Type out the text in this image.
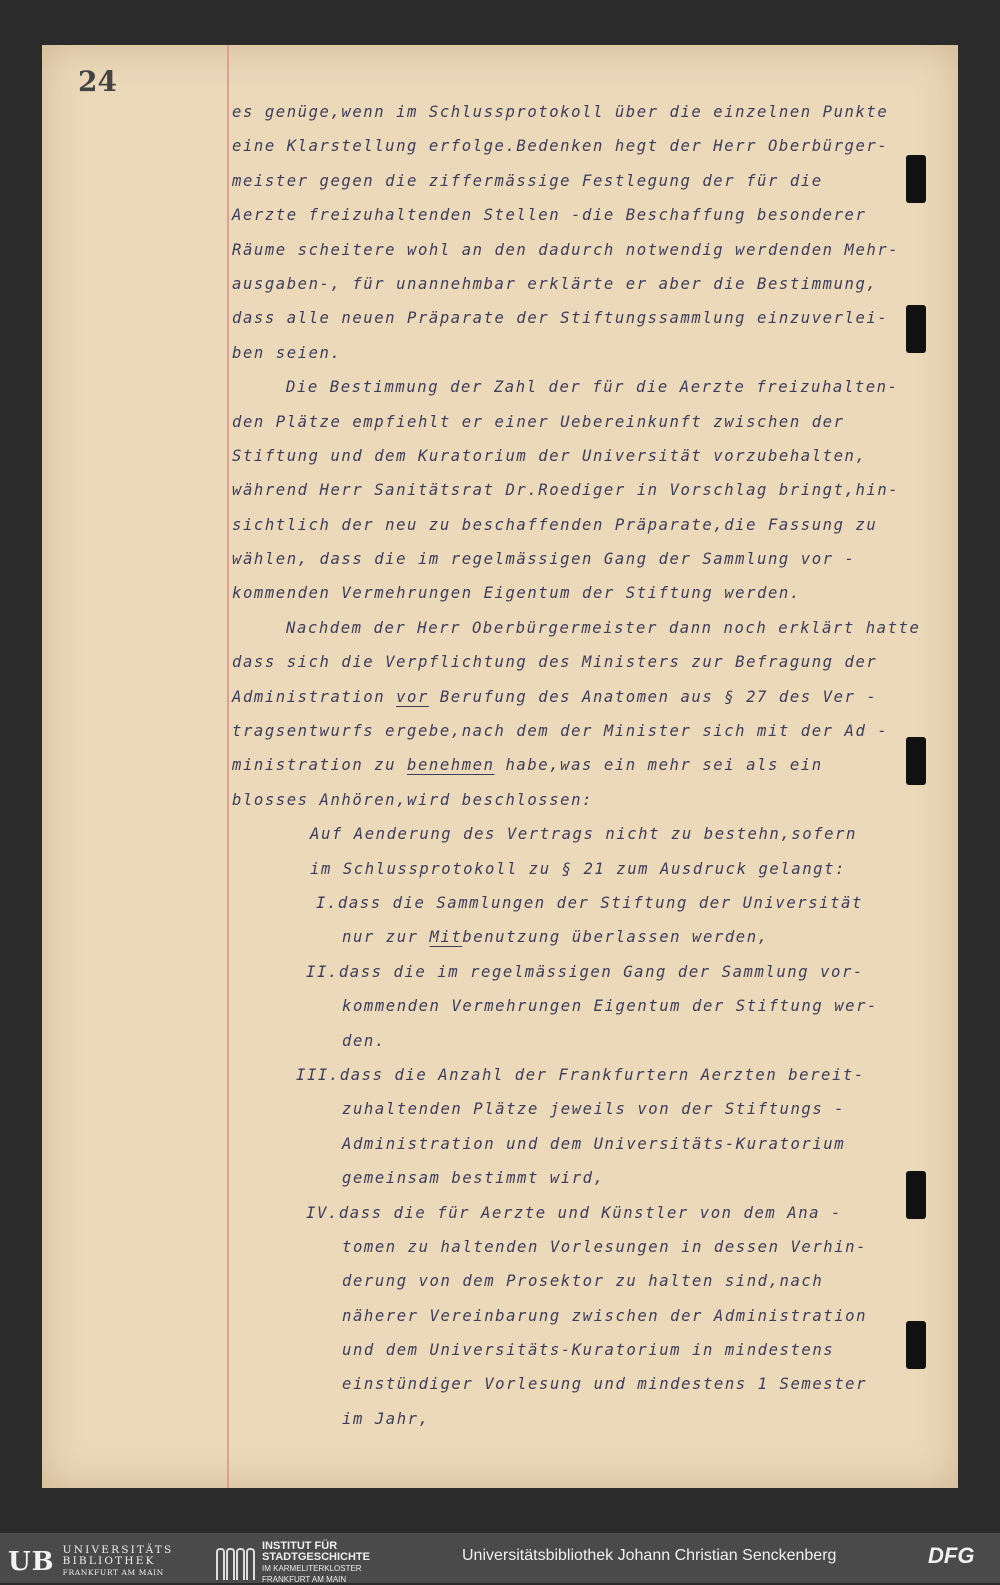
24
es genüge,wenn im Schlussprotokoll über die einzelnen Punkte
eine Klarstellung erfolge.Bedenken hegt der Herr Oberbürger-
meister gegen die ziffermässige Festlegung der für die
Aerzte freizuhaltenden Stellen -die Beschaffung besonderer
Räume scheitere wohl an den dadurch notwendig werdenden Mehr-
ausgaben-, für unannehmbar erklärte er aber die Bestimmung,
dass alle neuen Präparate der Stiftungssammlung einzuverlei-
ben seien.
Die Bestimmung der Zahl der für die Aerzte freizuhalten-
den Plätze empfiehlt er einer Uebereinkunft zwischen der
Stiftung und dem Kuratorium der Universität vorzubehalten,
während Herr Sanitätsrat Dr.Roediger in Vorschlag bringt,hin-
sichtlich der neu zu beschaffenden Präparate,die Fassung zu
wählen, dass die im regelmässigen Gang der Sammlung vor -
kommenden Vermehrungen Eigentum der Stiftung werden.
Nachdem der Herr Oberbürgermeister dann noch erklärt hatte
dass sich die Verpflichtung des Ministers zur Befragung der
Administration vor Berufung des Anatomen aus § 27 des Ver -
tragsentwurfs ergebe,nach dem der Minister sich mit der Ad -
ministration zu benehmen habe,was ein mehr sei als ein
blosses Anhören,wird beschlossen:
Auf Aenderung des Vertrags nicht zu bestehn,sofern
im Schlussprotokoll zu § 21 zum Ausdruck gelangt:
I.dass die Sammlungen der Stiftung der Universität
nur zur Mitbenutzung überlassen werden,
II.dass die im regelmässigen Gang der Sammlung vor-
kommenden Vermehrungen Eigentum der Stiftung wer-
den.
III.dass die Anzahl der Frankfurtern Aerzten bereit-
zuhaltenden Plätze jeweils von der Stiftungs -
Administration und dem Universitäts-Kuratorium
gemeinsam bestimmt wird,
IV.dass die für Aerzte und Künstler von dem Ana -
tomen zu haltenden Vorlesungen in dessen Verhin-
derung von dem Prosektor zu halten sind,nach
näherer Vereinbarung zwischen der Administration
und dem Universitäts-Kuratorium in mindestens
einstündiger Vorlesung und mindestens 1 Semester
im Jahr,
UB UNIVERSITÄTS
BIBLIOTHEK
FRANKFURT AM MAIN
INSTITUT FÜR
STADTGESCHICHTE
IM KARMELITERKLOSTER
FRANKFURT AM MAIN
Universitätsbibliothek Johann Christian Senckenberg	DFG
